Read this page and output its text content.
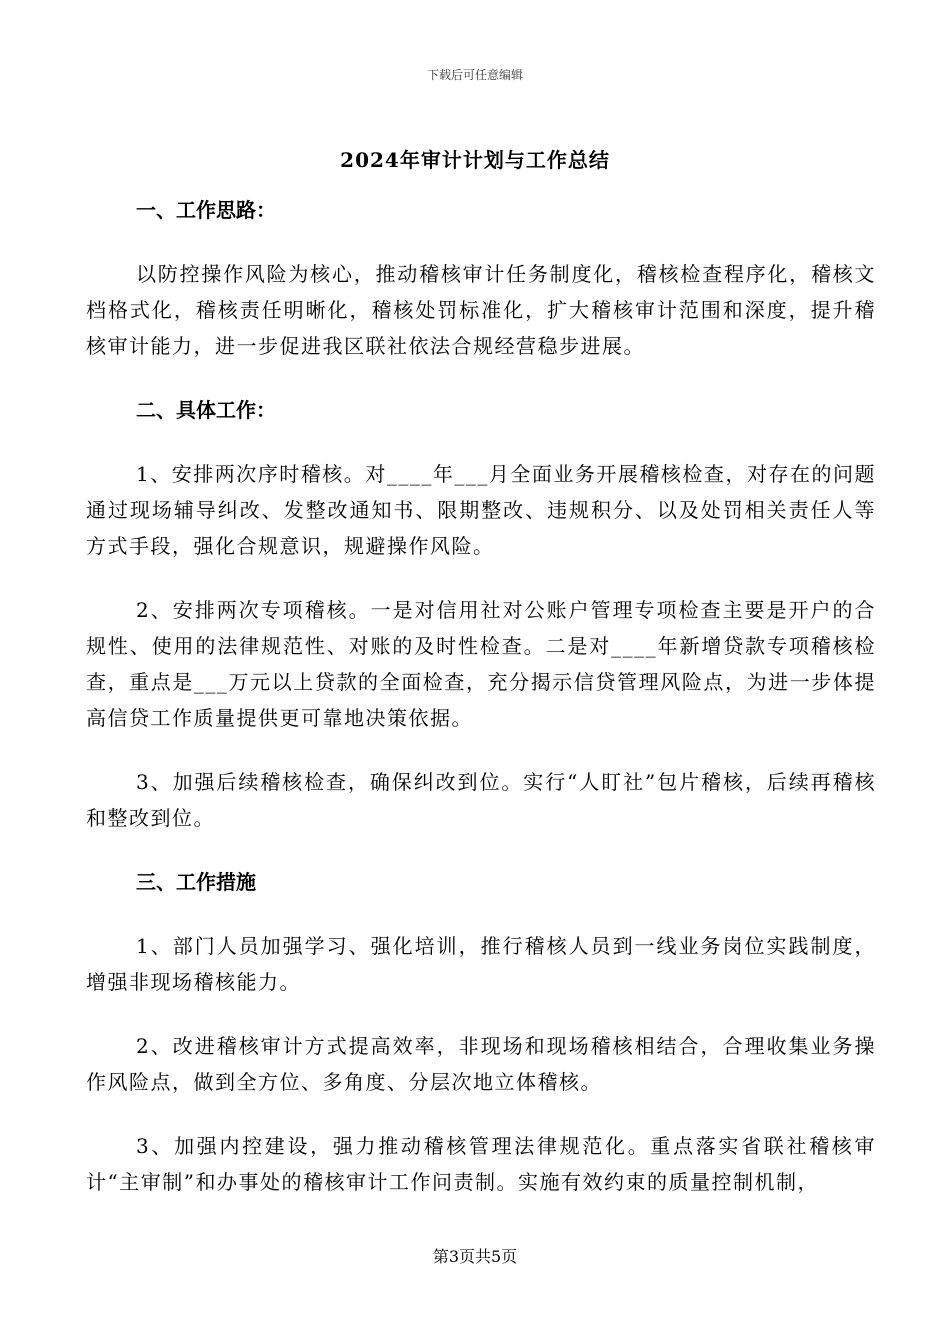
下载后可任意编辑
2024年审计计划与工作总结
一、工作思路：

以防控操作风险为核心，推动稽核审计任务制度化，稽核检查程序化，稽核文档格式化，稽核责任明晰化，稽核处罚标准化，扩大稽核审计范围和深度，提升稽核审计能力，进一步促进我区联社依法合规经营稳步进展。

二、具体工作：

1、安排两次序时稽核。对____年___月全面业务开展稽核检查，对存在的问题通过现场辅导纠改、发整改通知书、限期整改、违规积分、以及处罚相关责任人等方式手段，强化合规意识，规避操作风险。

2、安排两次专项稽核。一是对信用社对公账户管理专项检查主要是开户的合规性、使用的法律规范性、对账的及时性检查。二是对____年新增贷款专项稽核检查，重点是___万元以上贷款的全面检查，充分揭示信贷管理风险点，为进一步体提高信贷工作质量提供更可靠地决策依据。

3、加强后续稽核检查，确保纠改到位。实行“人盯社”包片稽核，后续再稽核和整改到位。

三、工作措施

1、部门人员加强学习、强化培训，推行稽核人员到一线业务岗位实践制度，增强非现场稽核能力。

2、改进稽核审计方式提高效率，非现场和现场稽核相结合，合理收集业务操作风险点，做到全方位、多角度、分层次地立体稽核。

3、加强内控建设，强力推动稽核管理法律规范化。重点落实省联社稽核审计“主审制”和办事处的稽核审计工作问责制。实施有效约束的质量控制机制，

第3页共5页
